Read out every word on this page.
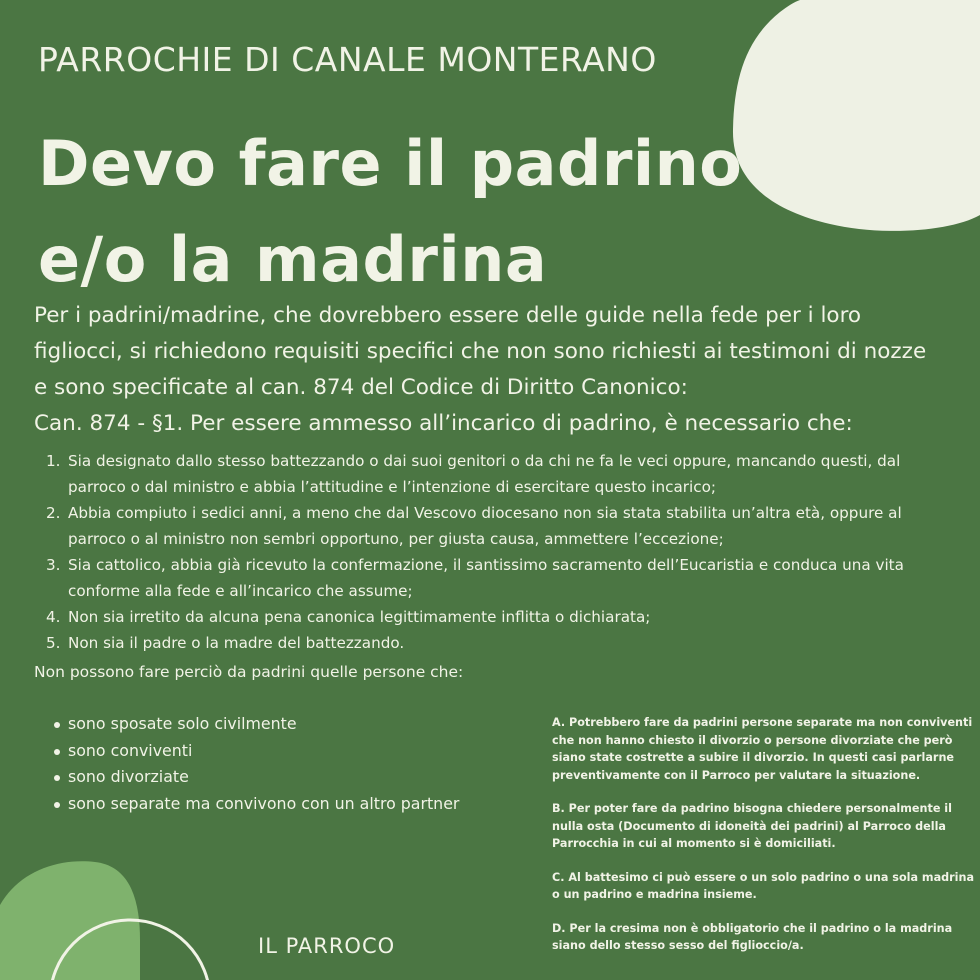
PARROCHIE DI CANALE MONTERANO
Devo fare il padrino
e/o la madrina

Per i padrini/madrine, che dovrebbero essere delle guide nella fede per i loro figliocci, si richiedono requisiti specifici che non sono richiesti ai testimoni di nozze e sono specificate al can. 874 del Codice di Diritto Canonico:

Can. 874 - §1. Per essere ammesso all’incarico di padrino, è necessario che:

1. Sia designato dallo stesso battezzando o dai suoi genitori o da chi ne fa le veci oppure, mancando questi, dal parroco o dal ministro e abbia l’attitudine e l’intenzione di esercitare questo incarico;
2. Abbia compiuto i sedici anni, a meno che dal Vescovo diocesano non sia stata stabilita un’altra età, oppure al parroco o al ministro non sembri opportuno, per giusta causa, ammettere l’eccezione;
3. Sia cattolico, abbia già ricevuto la confermazione, il santissimo sacramento dell’Eucaristia e conduca una vita conforme alla fede e all’incarico che assume;
4. Non sia irretito da alcuna pena canonica legittimamente inflitta o dichiarata;
5. Non sia il padre o la madre del battezzando.
Non possono fare perciò da padrini quelle persone che:
sono sposate solo civilmente
sono conviventi
sono divorziate
sono separate ma convivono con un altro partner

A. Potrebbero fare da padrini persone separate ma non conviventi che non hanno chiesto il divorzio o persone divorziate che però siano state costrette a subire il divorzio. In questi casi parlarne preventivamente con il Parroco per valutare la situazione.

B. Per poter fare da padrino bisogna chiedere personalmente il nulla osta (Documento di idoneità dei padrini) al Parroco della Parrocchia in cui al momento si è domiciliati.

C. Al battesimo ci può essere o un solo padrino o una sola madrina o un padrino e madrina insieme.

D. Per la cresima non è obbligatorio che il padrino o la madrina siano dello stesso sesso del figlioccio/a.

IL PARROCO
